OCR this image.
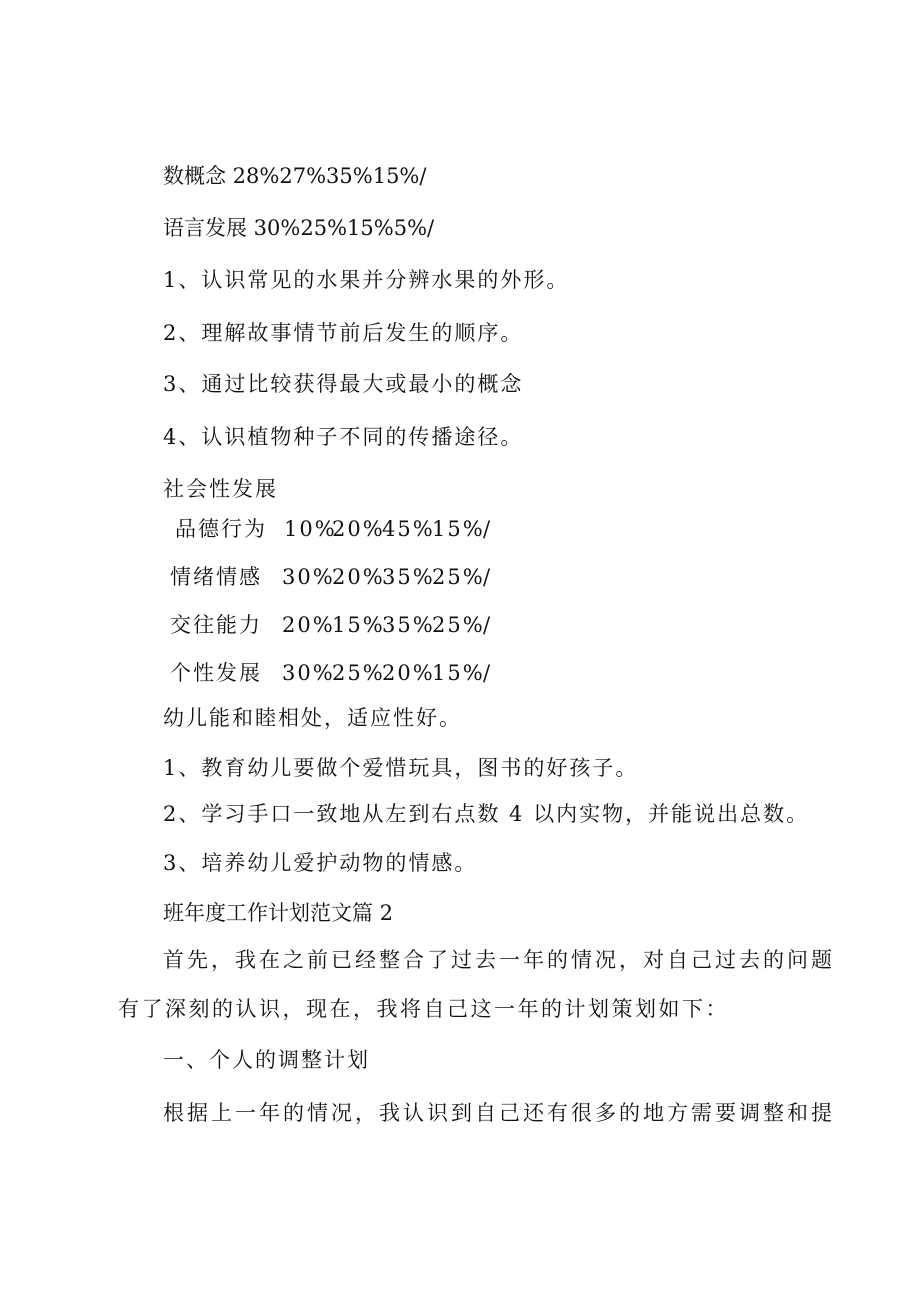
数概念 28%27%35%15%/
语言发展 30%25%15%5%/
1、认识常见的水果并分辨水果的外形。
2、理解故事情节前后发生的顺序。
3、通过比较获得最大或最小的概念
4、认识植物种子不同的传播途径。
社会性发展

品德行为

10%

20%

45%

15%

/

情绪情感

30%

20%

35%

25%

/

交往能力

20%

15%

35%

25%

/

个性发展

30%

25%

20%

15%

/

幼儿能和睦相处，适应性好。
1、教育幼儿要做个爱惜玩具，图书的好孩子。
2、学习手口一致地从左到右点数 4 以内实物，并能说出总数。
3、培养幼儿爱护动物的情感。
班年度工作计划范文篇 2
首先，我在之前已经整合了过去一年的情况，对自己过去的问题
有了深刻的认识，现在，我将自己这一年的计划策划如下：
一、个人的调整计划
根据上一年的情况，我认识到自己还有很多的地方需要调整和提
